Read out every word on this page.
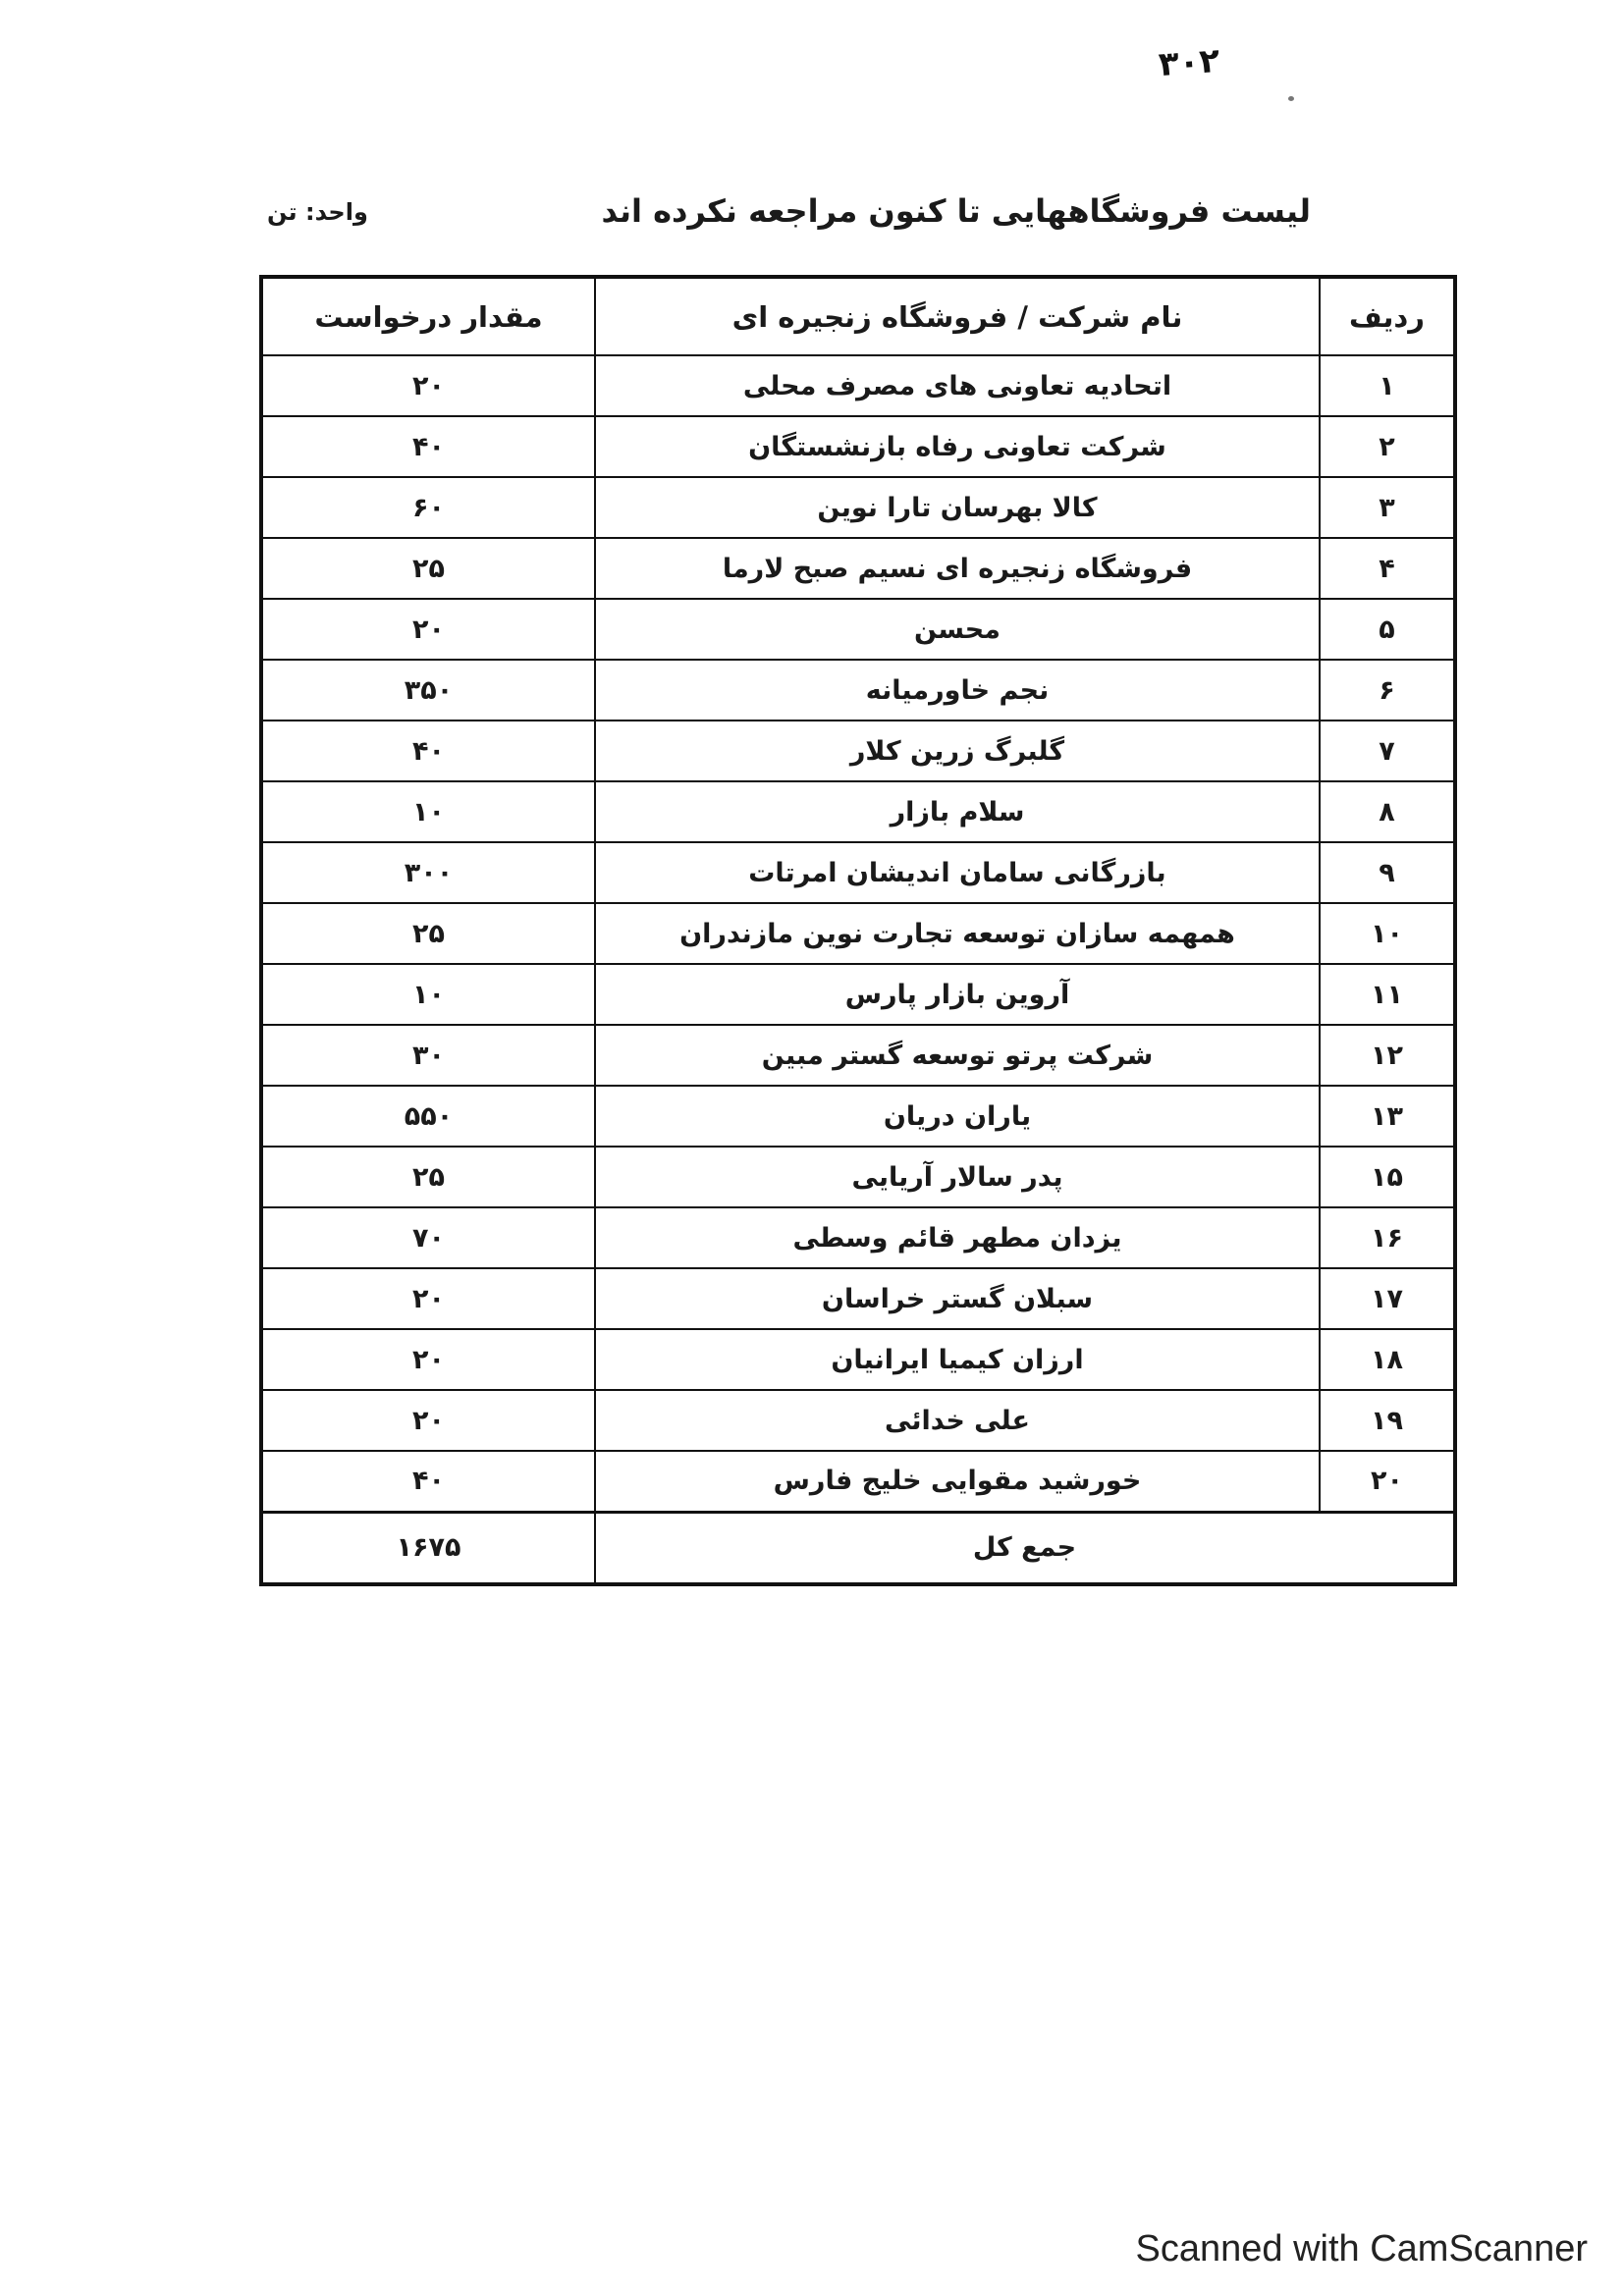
۳۰۲
لیست فروشگاههایی تا کنون مراجعه نکرده اند
واحد: تن
ردیف	نام شرکت / فروشگاه زنجیره ای	مقدار درخواست
۱	اتحادیه تعاونی های مصرف محلی	۲۰
۲	شرکت تعاونی رفاه بازنشستگان	۴۰
۳	کالا بهرسان تارا نوین	۶۰
۴	فروشگاه زنجیره ای نسیم صبح لارما	۲۵
۵	محسن	۲۰
۶	نجم خاورمیانه	۳۵۰
۷	گلبرگ زرین کلار	۴۰
۸	سلام بازار	۱۰
۹	بازرگانی سامان اندیشان امرتات	۳۰۰
۱۰	همهمه سازان توسعه تجارت نوین مازندران	۲۵
۱۱	آروین بازار پارس	۱۰
۱۲	شرکت پرتو توسعه گستر مبین	۳۰
۱۳	یاران دریان	۵۵۰
۱۵	پدر سالار آریایی	۲۵
۱۶	یزدان مطهر قائم وسطی	۷۰
۱۷	سبلان گستر خراسان	۲۰
۱۸	ارزان کیمیا ایرانیان	۲۰
۱۹	علی خدائی	۲۰
۲۰	خورشید مقوایی خلیج فارس	۴۰
جمع کل		۱۶۷۵
Scanned with CamScanner
